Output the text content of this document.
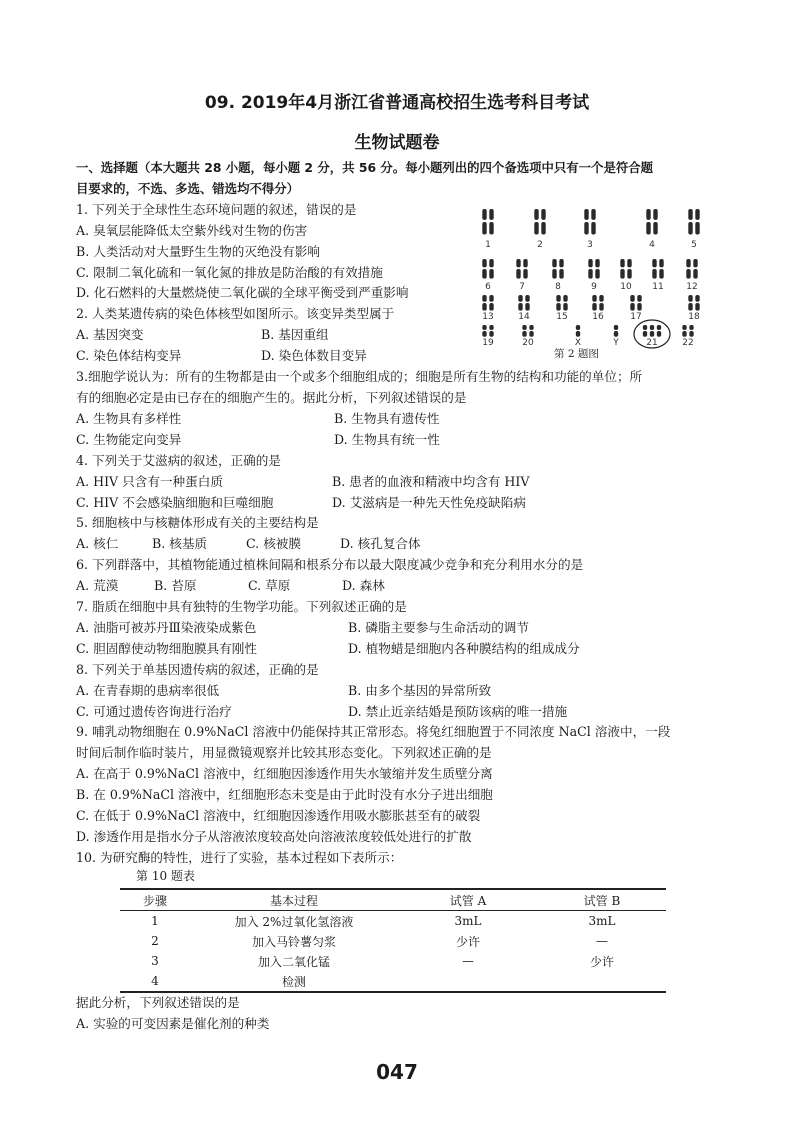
09. 2019年4月浙江省普通高校招生选考科目考试
生物试题卷

一、选择题（本大题共 28 小题，每小题 2 分，共 56 分。每小题列出的四个备选项中只有一个是符合题

目要求的，不选、多选、错选均不得分）

1. 下列关于全球性生态环境问题的叙述，错误的是

A. 臭氧层能降低太空紫外线对生物的伤害

B. 人类活动对大量野生生物的灭绝没有影响

C. 限制二氧化硫和一氧化氮的排放是防治酸的有效措施

D. 化石燃料的大量燃烧使二氧化碳的全球平衡受到严重影响

2. 人类某遗传病的染色体核型如图所示。该变异类型属于

A. 基因突变	B. 基因重组
C. 染色体结构变异	D. 染色体数目变异

3.细胞学说认为：所有的生物都是由一个或多个细胞组成的；细胞是所有生物的结构和功能的单位；所

有的细胞必定是由已存在的细胞产生的。据此分析，下列叙述错误的是

A. 生物具有多样性	B. 生物具有遗传性
C. 生物能定向变异	D. 生物具有统一性

4. 下列关于艾滋病的叙述，正确的是

A. HIV 只含有一种蛋白质	B. 患者的血液和精液中均含有 HIV
C. HIV 不会感染脑细胞和巨噬细胞	D. 艾滋病是一种先天性免疫缺陷病

5. 细胞核中与核糖体形成有关的主要结构是

A. 核仁	B. 核基质	C. 核被膜	D. 核孔复合体

6. 下列群落中，其植物能通过植株间隔和根系分布以最大限度减少竞争和充分利用水分的是

A. 荒漠	B. 苔原	C. 草原	D. 森林

7. 脂质在细胞中具有独特的生物学功能。下列叙述正确的是

A. 油脂可被苏丹Ⅲ染液染成紫色	B. 磷脂主要参与生命活动的调节
C. 胆固醇使动物细胞膜具有刚性	D. 植物蜡是细胞内各种膜结构的组成成分

8. 下列关于单基因遗传病的叙述，正确的是

A. 在青春期的患病率很低	B. 由多个基因的异常所致
C. 可通过遗传咨询进行治疗	D. 禁止近亲结婚是预防该病的唯一措施

9. 哺乳动物细胞在 0.9%NaCl 溶液中仍能保持其正常形态。将兔红细胞置于不同浓度 NaCl 溶液中，一段

时间后制作临时装片，用显微镜观察并比较其形态变化。下列叙述正确的是

A. 在高于 0.9%NaCl 溶液中，红细胞因渗透作用失水皱缩并发生质壁分离

B. 在 0.9%NaCl 溶液中，红细胞形态未变是由于此时没有水分子进出细胞

C. 在低于 0.9%NaCl 溶液中，红细胞因渗透作用吸水膨胀甚至有的破裂

D. 渗透作用是指水分子从溶液浓度较高处向溶液浓度较低处进行的扩散

10. 为研究酶的特性，进行了实验，基本过程如下表所示：

1	2	3	4	5
6	7	8	9	10 11	12
13	14	15	16	17	18
19	20	X	Y	21	22
第 2 题图
第 10 题表
步骤	基本过程	试管 A	试管 B
1	加入 2%过氧化氢溶液	3mL	3mL
2	加入马铃薯匀浆	少许	—
3	加入二氧化锰	—	少许
4	检测		

据此分析，下列叙述错误的是

A. 实验的可变因素是催化剂的种类

047
